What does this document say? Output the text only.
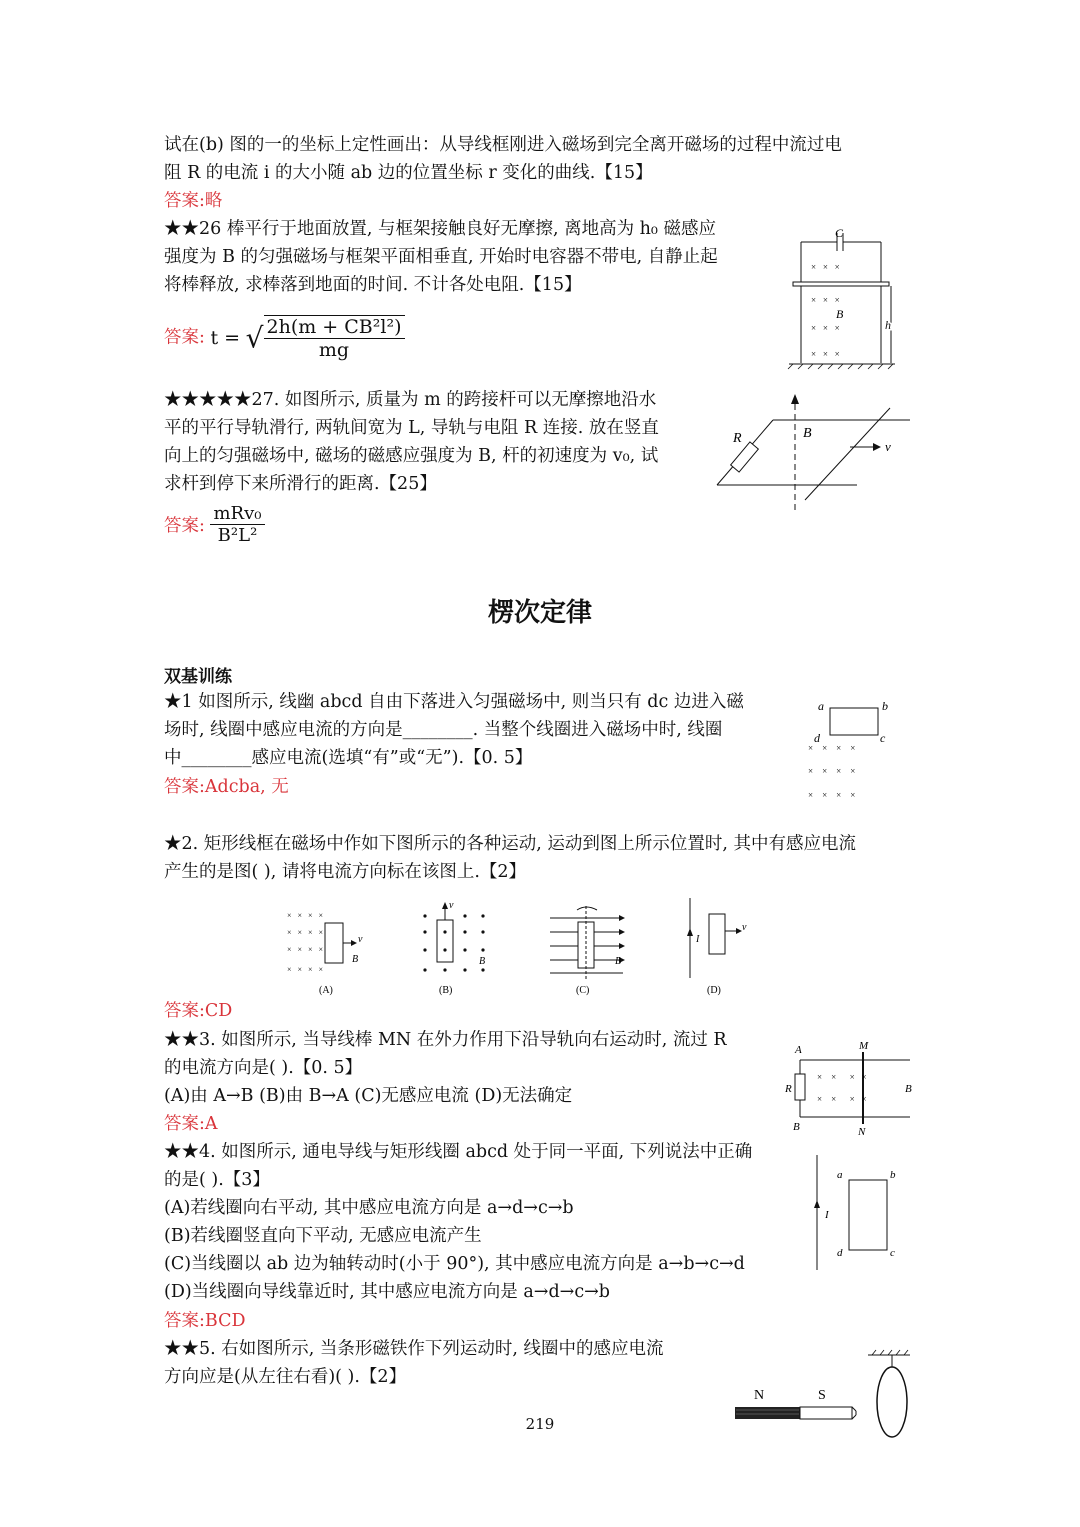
试在(b) 图的一的坐标上定性画出：从导线框刚进入磁场到完全离开磁场的过程中流过电
阻 R 的电流 i 的大小随 ab 边的位置坐标 r 变化的曲线.【15】
答案:略
★★26 棒平行于地面放置, 与框架接触良好无摩擦, 离地高为 h₀ 磁感应
强度为 B 的匀强磁场与框架平面相垂直, 开始时电容器不带电, 自静止起
将棒释放, 求棒落到地面的时间. 不计各处电阻.【15】
答案: t = √ $\frac{\text{2h(m + CB²l²)}}{mg}$
★★★★★27. 如图所示, 质量为 m 的跨接杆可以无摩擦地沿水
平的平行导轨滑行, 两轨间宽为 L, 导轨与电阻 R 连接. 放在竖直
向上的匀强磁场中, 磁场的磁感应强度为 B, 杆的初速度为 v₀, 试
求杆到停下来所滑行的距离.【25】
答案: $\frac{\text{mRv₀}}{\text{B²L²}}$
楞次定律
双基训练
★1 如图所示, 线幽 abcd 自由下落进入匀强磁场中, 则当只有 dc 边进入磁
场时, 线圈中感应电流的方向是________. 当整个线圈进入磁场中时, 线圈
中________感应电流(选填“有”或“无”).【0. 5】
答案:Adcba, 无
★2. 矩形线框在磁场中作如下图所示的各种运动, 运动到图上所示位置时, 其中有感应电流
产生的是图( ), 请将电流方向标在该图上.【2】
答案:CD
★★3. 如图所示, 当导线棒 MN 在外力作用下沿导轨向右运动时, 流过 R
的电流方向是( ).【0. 5】
(A)由 A→B (B)由 B→A (C)无感应电流 (D)无法确定
答案:A
★★4. 如图所示, 通电导线与矩形线圈 abcd 处于同一平面, 下列说法中正确
的是( ).【3】
(A)若线圈向右平动, 其中感应电流方向是 a→d→c→b
(B)若线圈竖直向下平动, 无感应电流产生
(C)当线圈以 ab 边为轴转动时(小于 90°), 其中感应电流方向是 a→b→c→d
(D)当线圈向导线靠近时, 其中感应电流方向是 a→d→c→b
答案:BCD
★★5. 右如图所示, 当条形磁铁作下列运动时, 线圈中的感应电流
方向应是(从左往右看)( ).【2】
219
C
×   ×   ×
×   ×   ×
×   ×   ×
×   ×   ×
B
h
R	B
v
a	b
d	c
×    ×    ×    ×
×    ×    ×    ×
×    ×    ×    ×
×   ×   ×   ×
×   ×   ×   ×
×   ×   ×   ×
×   ×   ×   ×
v
B
(A)
v
B
(B)
B
(C)
I
v
(D)
R
A
B
M
N
×    ×      ×   ×
×    ×      ×   ×
B
I
a	b
c
d
N	S
